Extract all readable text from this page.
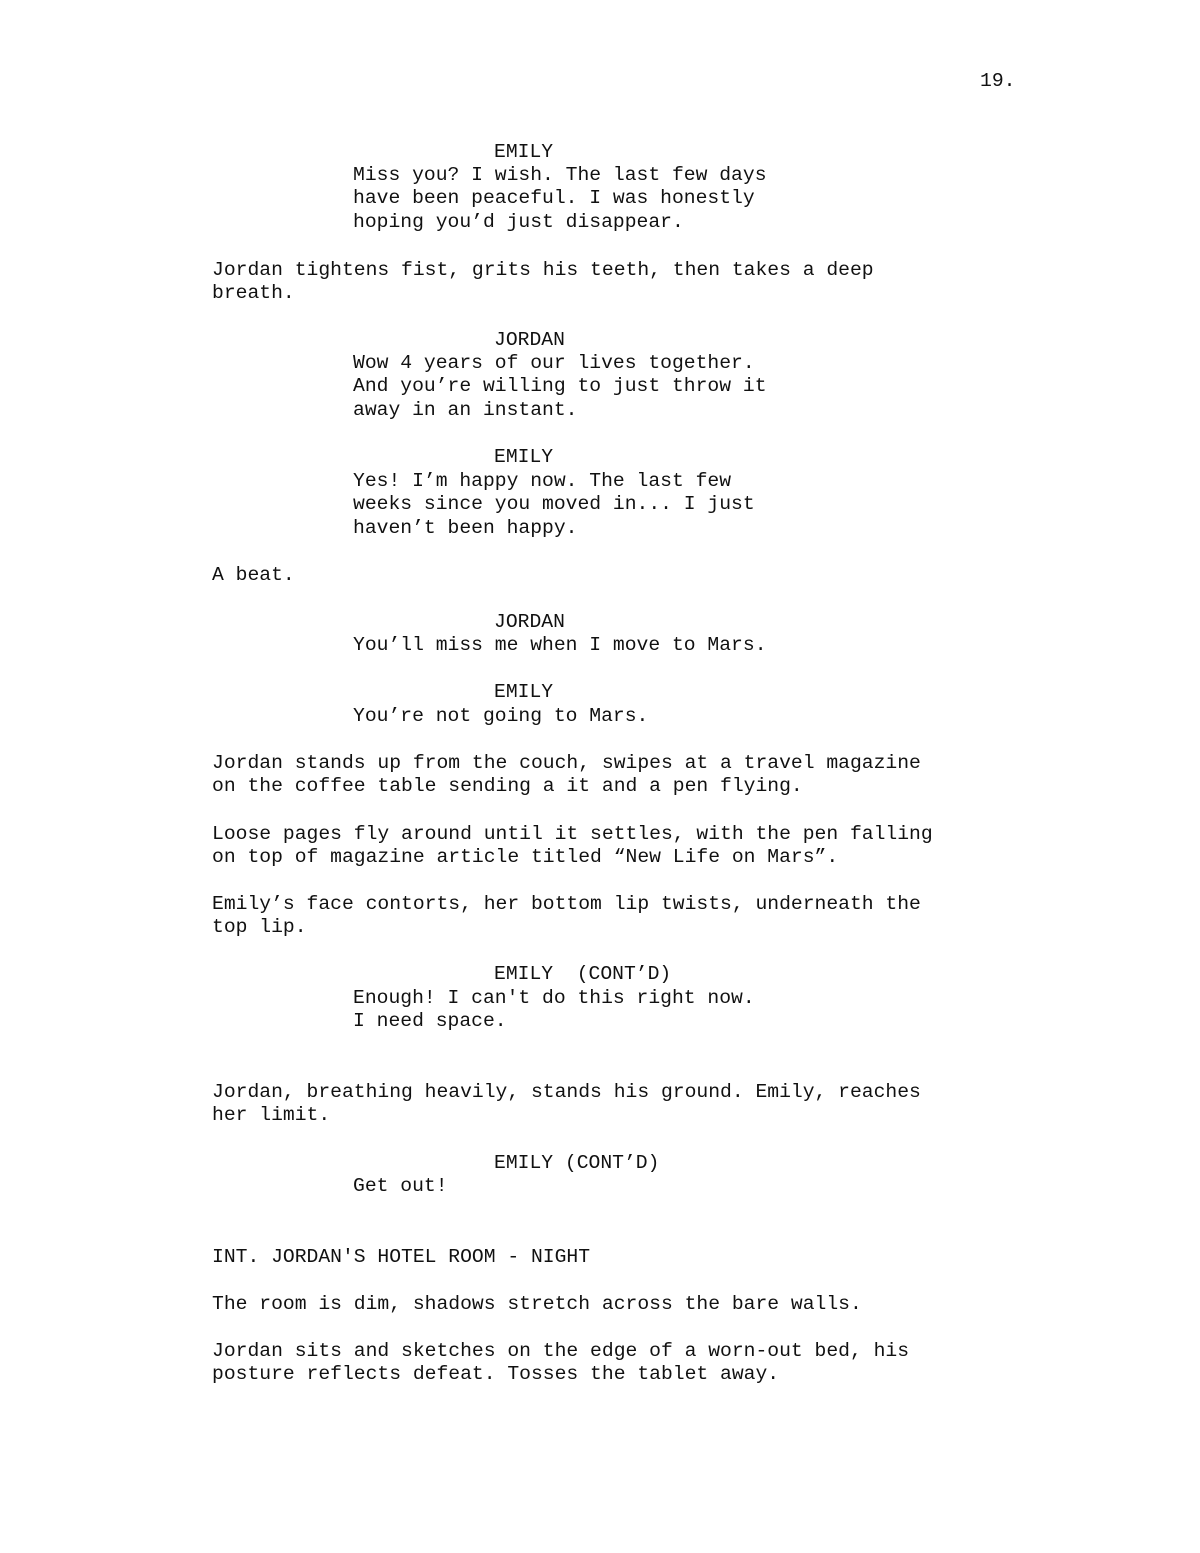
19.
EMILY
Miss you? I wish. The last few days
have been peaceful. I was honestly
hoping you’d just disappear.
Jordan tightens fist, grits his teeth, then takes a deep
breath.
JORDAN
Wow 4 years of our lives together.
And you’re willing to just throw it
away in an instant.
EMILY
Yes! I’m happy now. The last few
weeks since you moved in... I just
haven’t been happy.
A beat.
JORDAN
You’ll miss me when I move to Mars.
EMILY
You’re not going to Mars.
Jordan stands up from the couch, swipes at a travel magazine
on the coffee table sending a it and a pen flying.
Loose pages fly around until it settles, with the pen falling
on top of magazine article titled “New Life on Mars”.
Emily’s face contorts, her bottom lip twists, underneath the
top lip.
EMILY  (CONT’D)
Enough! I can't do this right now.
I need space.
Jordan, breathing heavily, stands his ground. Emily, reaches
her limit.
EMILY (CONT’D)
Get out!
INT. JORDAN'S HOTEL ROOM - NIGHT
The room is dim, shadows stretch across the bare walls.
Jordan sits and sketches on the edge of a worn-out bed, his
posture reflects defeat. Tosses the tablet away.
